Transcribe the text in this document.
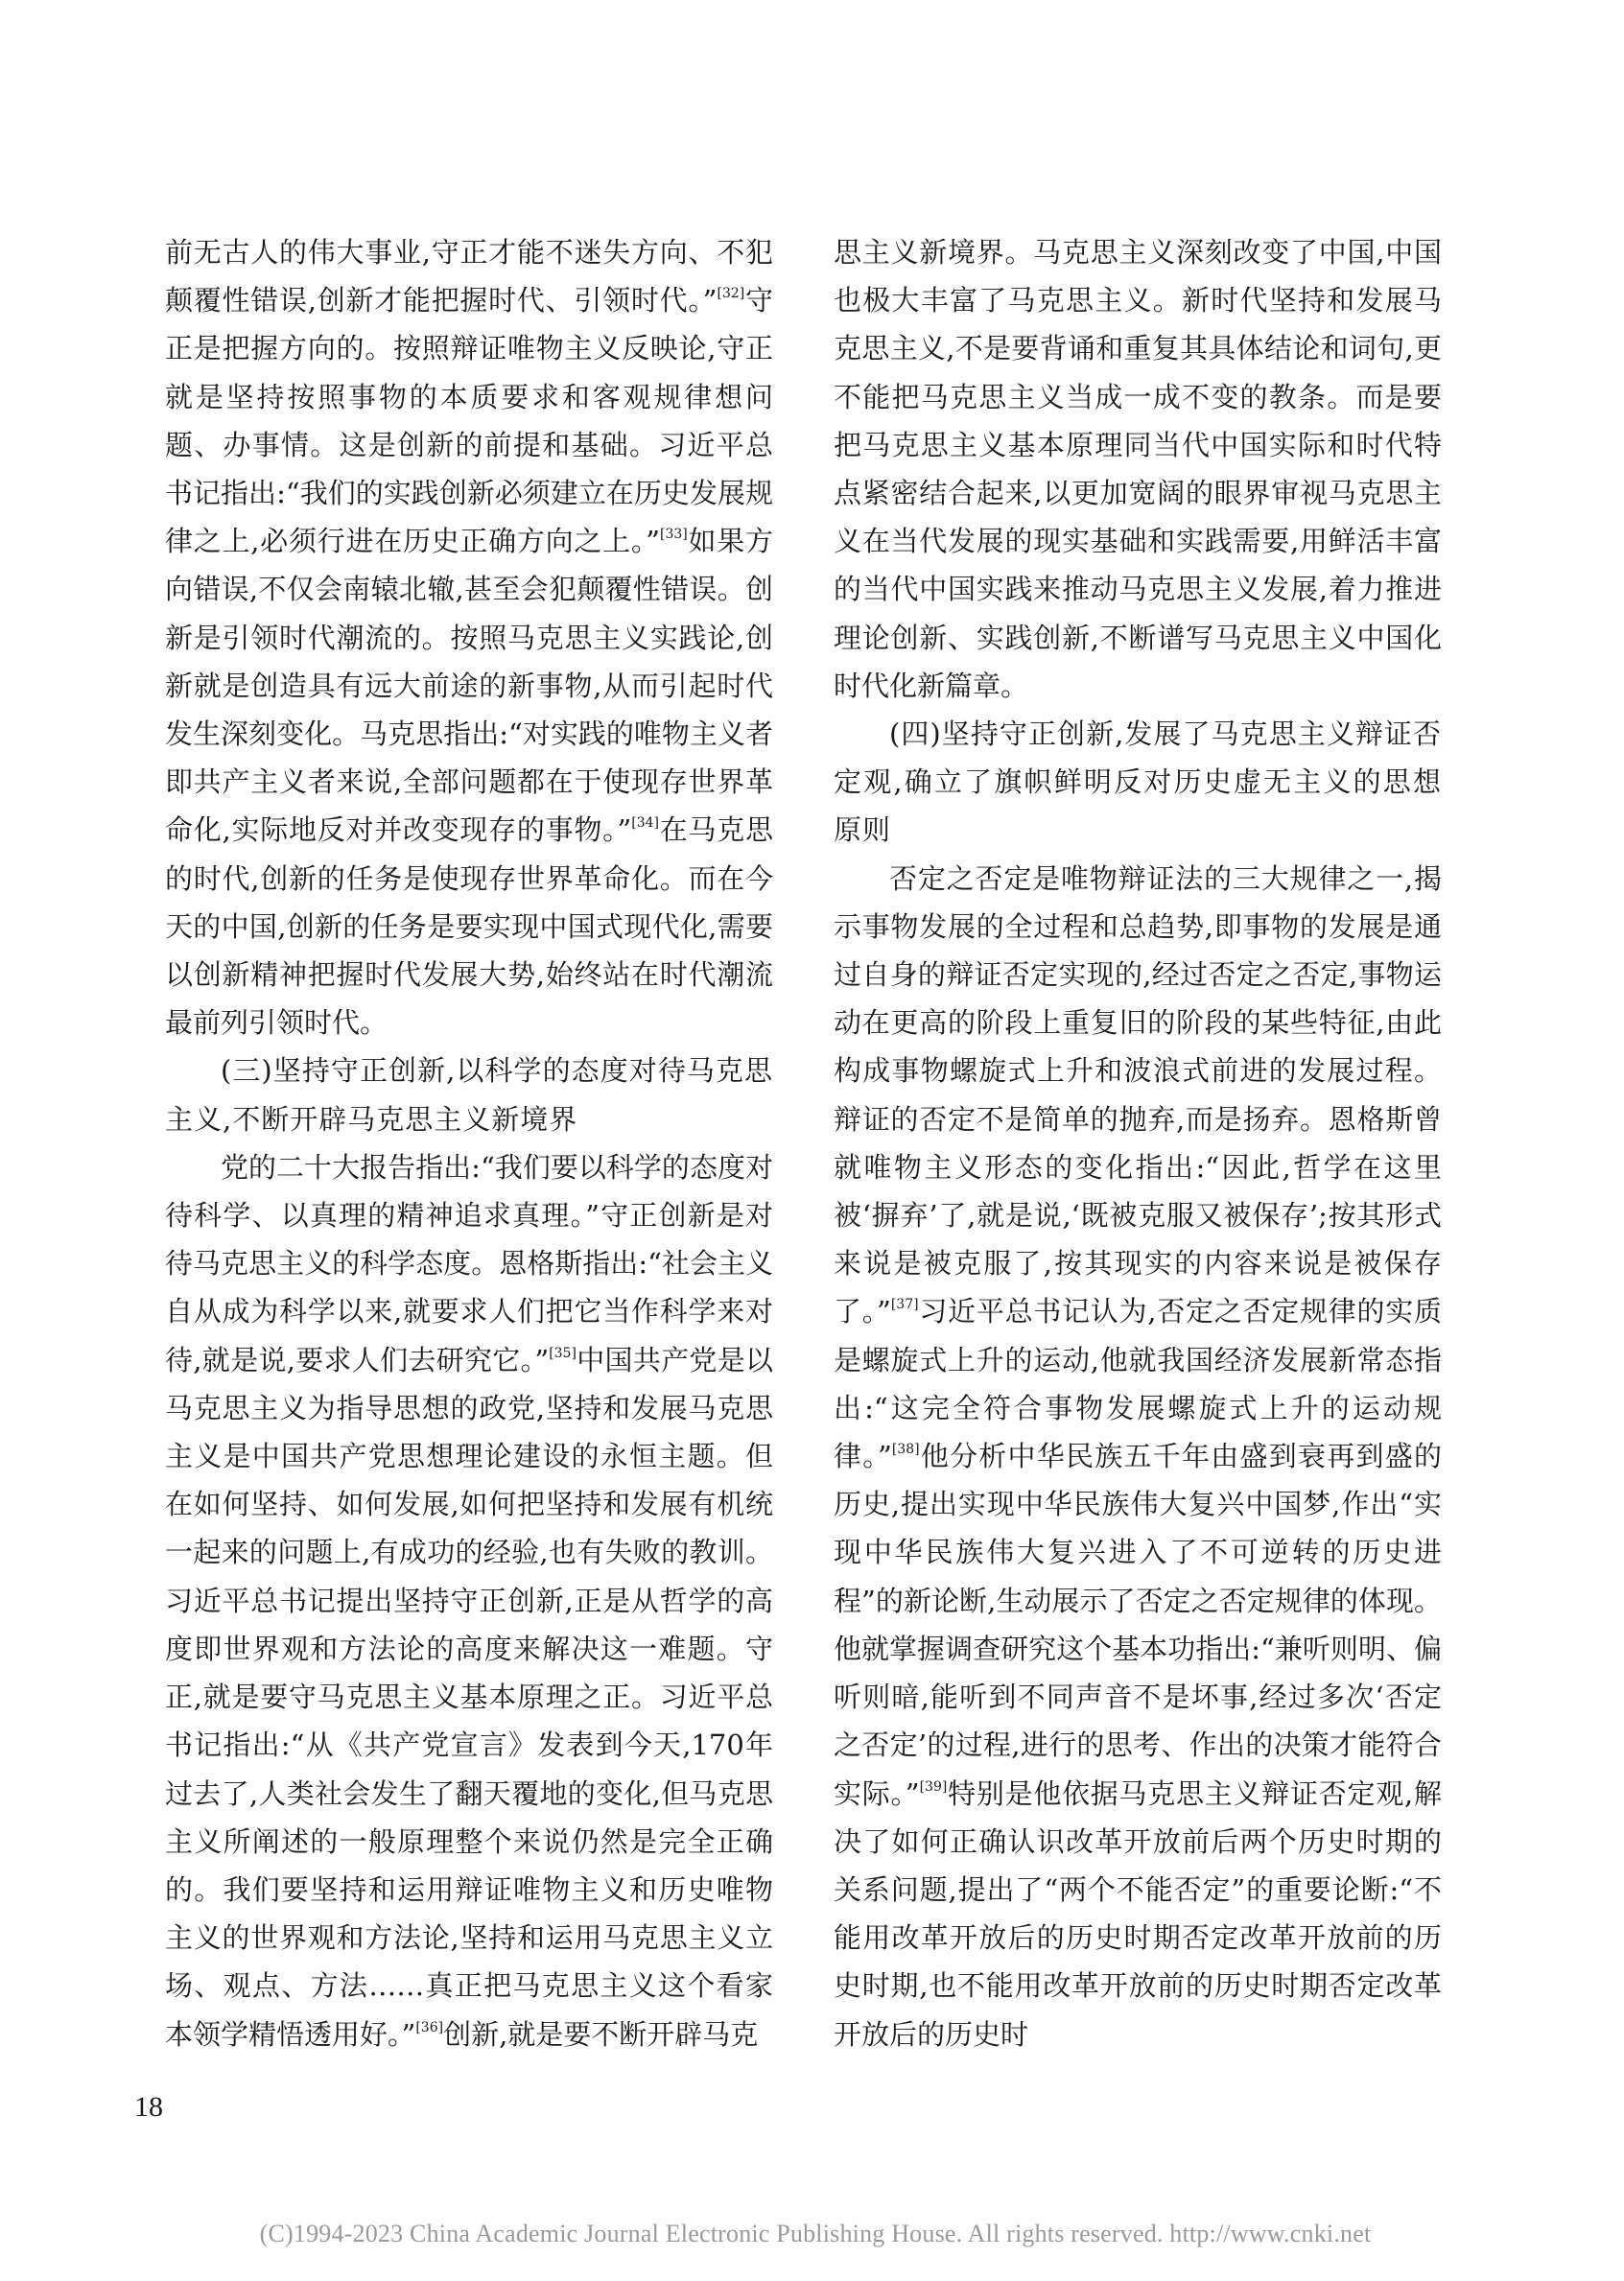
前无古人的伟大事业,守正才能不迷失方向、不犯颠覆性错误,创新才能把握时代、引领时代。”[32]守正是把握方向的。按照辩证唯物主义反映论,守正就是坚持按照事物的本质要求和客观规律想问题、办事情。这是创新的前提和基础。习近平总书记指出:“我们的实践创新必须建立在历史发展规律之上,必须行进在历史正确方向之上。”[33]如果方向错误,不仅会南辕北辙,甚至会犯颠覆性错误。创新是引领时代潮流的。按照马克思主义实践论,创新就是创造具有远大前途的新事物,从而引起时代发生深刻变化。马克思指出:“对实践的唯物主义者即共产主义者来说,全部问题都在于使现存世界革命化,实际地反对并改变现存的事物。”[34]在马克思的时代,创新的任务是使现存世界革命化。而在今天的中国,创新的任务是要实现中国式现代化,需要以创新精神把握时代发展大势,始终站在时代潮流最前列引领时代。

(三)坚持守正创新,以科学的态度对待马克思主义,不断开辟马克思主义新境界

党的二十大报告指出:“我们要以科学的态度对待科学、以真理的精神追求真理。”守正创新是对待马克思主义的科学态度。恩格斯指出:“社会主义自从成为科学以来,就要求人们把它当作科学来对待,就是说,要求人们去研究它。”[35]中国共产党是以马克思主义为指导思想的政党,坚持和发展马克思主义是中国共产党思想理论建设的永恒主题。但在如何坚持、如何发展,如何把坚持和发展有机统一起来的问题上,有成功的经验,也有失败的教训。习近平总书记提出坚持守正创新,正是从哲学的高度即世界观和方法论的高度来解决这一难题。守正,就是要守马克思主义基本原理之正。习近平总书记指出:“从《共产党宣言》发表到今天,170年过去了,人类社会发生了翻天覆地的变化,但马克思主义所阐述的一般原理整个来说仍然是完全正确的。我们要坚持和运用辩证唯物主义和历史唯物主义的世界观和方法论,坚持和运用马克思主义立场、观点、方法……真正把马克思主义这个看家本领学精悟透用好。”[36]创新,就是要不断开辟马克

思主义新境界。马克思主义深刻改变了中国,中国也极大丰富了马克思主义。新时代坚持和发展马克思主义,不是要背诵和重复其具体结论和词句,更不能把马克思主义当成一成不变的教条。而是要把马克思主义基本原理同当代中国实际和时代特点紧密结合起来,以更加宽阔的眼界审视马克思主义在当代发展的现实基础和实践需要,用鲜活丰富的当代中国实践来推动马克思主义发展,着力推进理论创新、实践创新,不断谱写马克思主义中国化时代化新篇章。

(四)坚持守正创新,发展了马克思主义辩证否定观,确立了旗帜鲜明反对历史虚无主义的思想原则

否定之否定是唯物辩证法的三大规律之一,揭示事物发展的全过程和总趋势,即事物的发展是通过自身的辩证否定实现的,经过否定之否定,事物运动在更高的阶段上重复旧的阶段的某些特征,由此构成事物螺旋式上升和波浪式前进的发展过程。辩证的否定不是简单的抛弃,而是扬弃。恩格斯曾就唯物主义形态的变化指出:“因此,哲学在这里被‘摒弃’了,就是说,‘既被克服又被保存’;按其形式来说是被克服了,按其现实的内容来说是被保存了。”[37]习近平总书记认为,否定之否定规律的实质是螺旋式上升的运动,他就我国经济发展新常态指出:“这完全符合事物发展螺旋式上升的运动规律。”[38]他分析中华民族五千年由盛到衰再到盛的历史,提出实现中华民族伟大复兴中国梦,作出“实现中华民族伟大复兴进入了不可逆转的历史进程”的新论断,生动展示了否定之否定规律的体现。他就掌握调查研究这个基本功指出:“兼听则明、偏听则暗,能听到不同声音不是坏事,经过多次‘否定之否定’的过程,进行的思考、作出的决策才能符合实际。”[39]特别是他依据马克思主义辩证否定观,解决了如何正确认识改革开放前后两个历史时期的关系问题,提出了“两个不能否定”的重要论断:“不能用改革开放后的历史时期否定改革开放前的历史时期,也不能用改革开放前的历史时期否定改革开放后的历史时

18
(C)1994-2023 China Academic Journal Electronic Publishing House. All rights reserved. http://www.cnki.net
